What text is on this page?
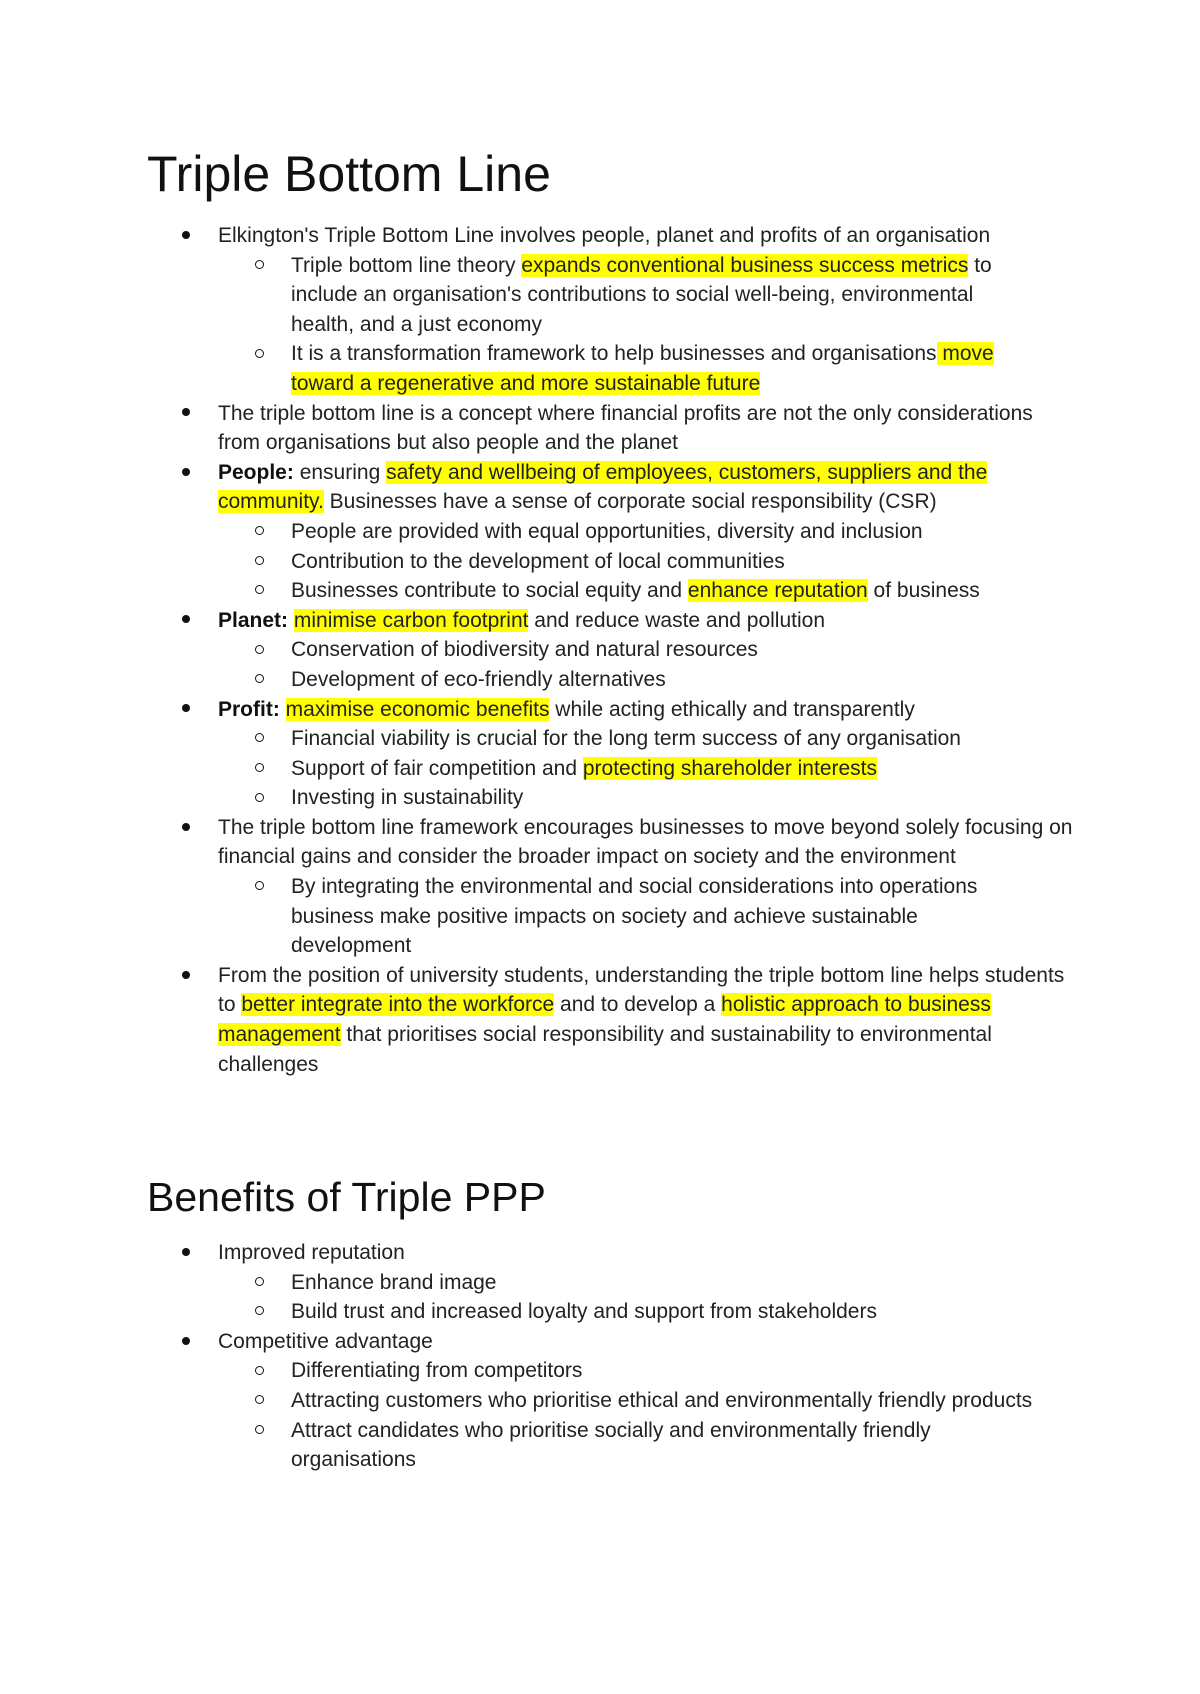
Triple Bottom Line
Elkington's Triple Bottom Line involves people, planet and profits of an organisation
Triple bottom line theory expands conventional business success metrics to include an organisation's contributions to social well-being, environmental health, and a just economy
It is a transformation framework to help businesses and organisations move toward a regenerative and more sustainable future
The triple bottom line is a concept where financial profits are not the only considerations from organisations but also people and the planet
People: ensuring safety and wellbeing of employees, customers, suppliers and the community. Businesses have a sense of corporate social responsibility (CSR)
People are provided with equal opportunities, diversity and inclusion
Contribution to the development of local communities
Businesses contribute to social equity and enhance reputation of business
Planet: minimise carbon footprint and reduce waste and pollution
Conservation of biodiversity and natural resources
Development of eco-friendly alternatives
Profit: maximise economic benefits while acting ethically and transparently
Financial viability is crucial for the long term success of any organisation
Support of fair competition and protecting shareholder interests
Investing in sustainability
The triple bottom line framework encourages businesses to move beyond solely focusing on financial gains and consider the broader impact on society and the environment
By integrating the environmental and social considerations into operations business make positive impacts on society and achieve sustainable development
From the position of university students, understanding the triple bottom line helps students to better integrate into the workforce and to develop a holistic approach to business management that prioritises social responsibility and sustainability to environmental challenges
Benefits of Triple PPP
Improved reputation
Enhance brand image
Build trust and increased loyalty and support from stakeholders
Competitive advantage
Differentiating from competitors
Attracting customers who prioritise ethical and environmentally friendly products
Attract candidates who prioritise socially and environmentally friendly organisations
